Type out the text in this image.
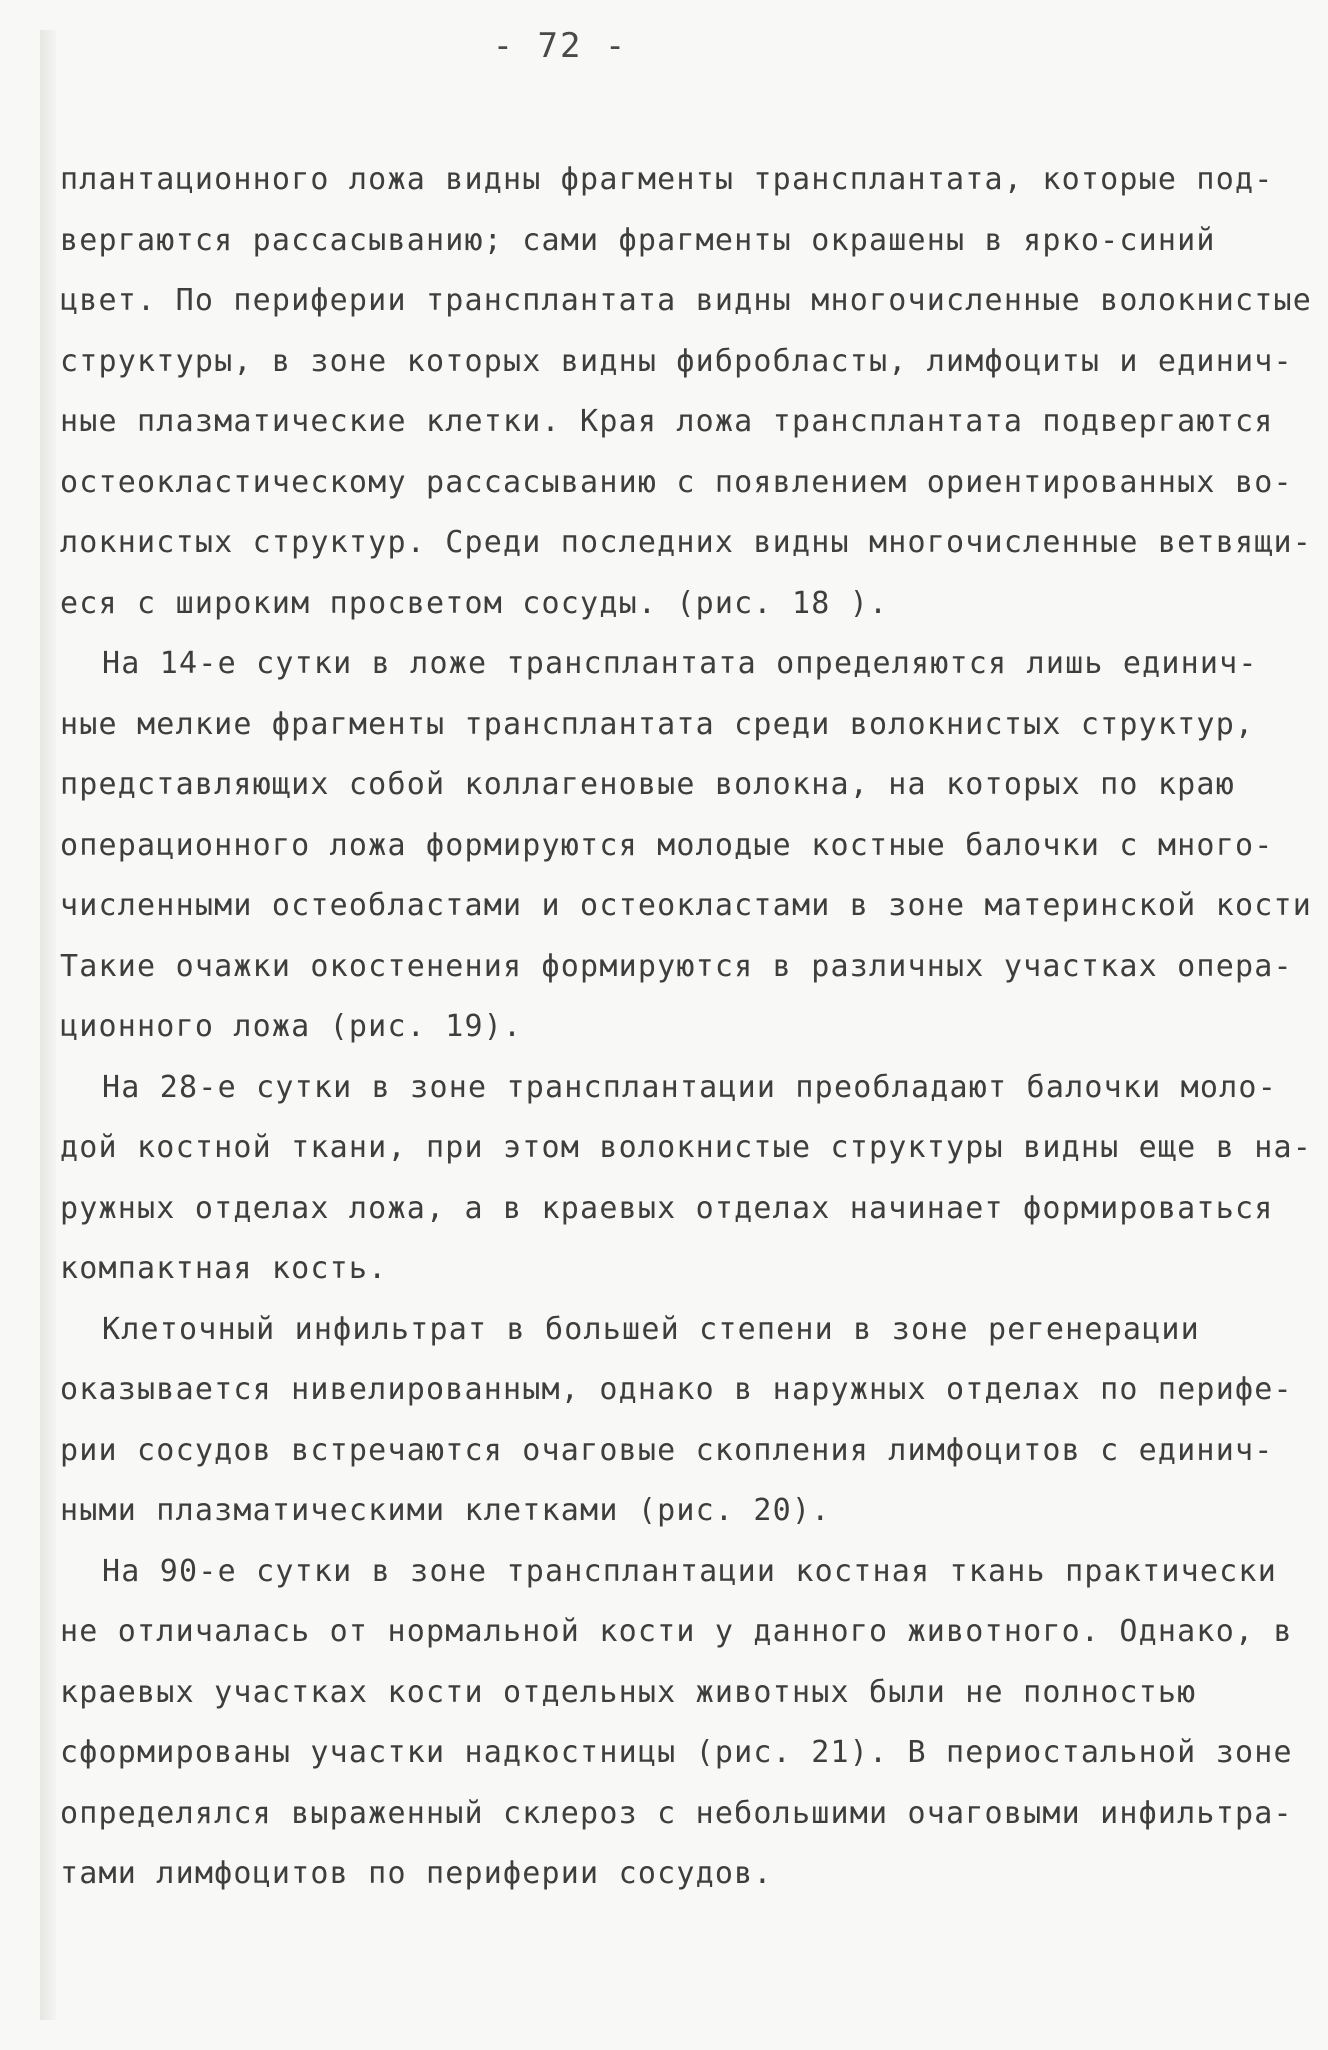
- 72 -
плантационного ложа видны фрагменты трансплантата, которые под-
вергаются рассасыванию; сами фрагменты окрашены в ярко-синий
цвет. По периферии трансплантата видны многочисленные волокнистые
структуры, в зоне которых видны фибробласты, лимфоциты и единич-
ные плазматические клетки. Края ложа трансплантата подвергаются
остеокластическому рассасыванию с появлением ориентированных во-
локнистых структур. Среди последних видны многочисленные ветвящи-
еся с широким просветом сосуды. (рис. 18 ).
На 14-е сутки в ложе трансплантата определяются лишь единич-
ные мелкие фрагменты трансплантата среди волокнистых структур,
представляющих собой коллагеновые волокна, на которых по краю
операционного ложа формируются молодые костные балочки с много-
численными остеобластами и остеокластами в зоне материнской кости
Такие очажки окостенения формируются в различных участках опера-
ционного ложа (рис. 19).
На 28-е сутки в зоне трансплантации преобладают балочки моло-
дой костной ткани, при этом волокнистые структуры видны еще в на-
ружных отделах ложа, а в краевых отделах начинает формироваться
компактная кость.
Клеточный инфильтрат в большей степени в зоне регенерации
оказывается нивелированным, однако в наружных отделах по перифе-
рии сосудов встречаются очаговые скопления лимфоцитов с единич-
ными плазматическими клетками (рис. 20).
На 90-е сутки в зоне трансплантации костная ткань практически
не отличалась от нормальной кости у данного животного. Однако, в
краевых участках кости отдельных животных были не полностью
сформированы участки надкостницы (рис. 21). В периостальной зоне
определялся выраженный склероз с небольшими очаговыми инфильтра-
тами лимфоцитов по периферии сосудов.
